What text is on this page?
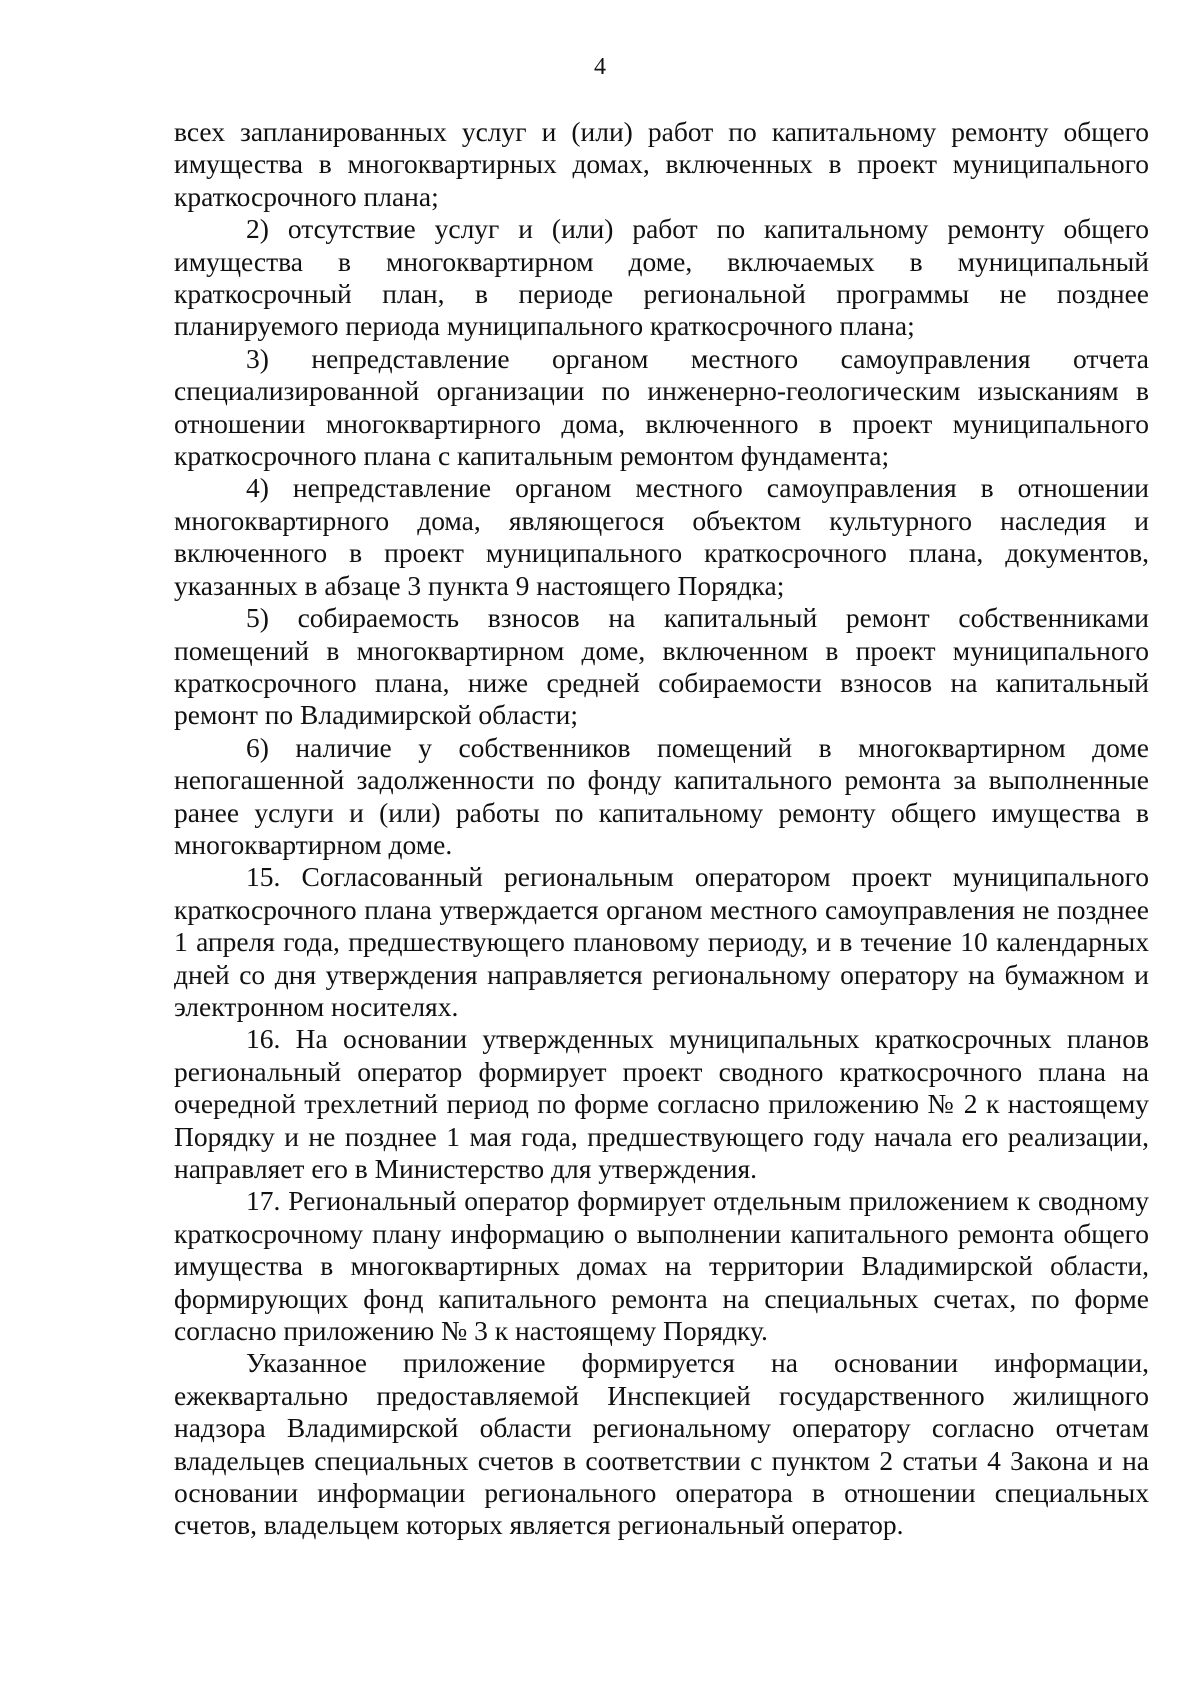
4

всех запланированных услуг и (или) работ по капитальному ремонту общего имущества в многоквартирных домах, включенных в проект муниципального краткосрочного плана;

2) отсутствие услуг и (или) работ по капитальному ремонту общего имущества в многоквартирном доме, включаемых в муниципальный краткосрочный план, в периоде региональной программы не позднее планируемого периода муниципального краткосрочного плана;

3) непредставление органом местного самоуправления отчета специализированной организации по инженерно-геологическим изысканиям в отношении многоквартирного дома, включенного в проект муниципального краткосрочного плана с капитальным ремонтом фундамента;

4) непредставление органом местного самоуправления в отношении многоквартирного дома, являющегося объектом культурного наследия и включенного в проект муниципального краткосрочного плана, документов, указанных в абзаце 3 пункта 9 настоящего Порядка;

5) собираемость взносов на капитальный ремонт собственниками помещений в многоквартирном доме, включенном в проект муниципального краткосрочного плана, ниже средней собираемости взносов на капитальный ремонт по Владимирской области;

6) наличие у собственников помещений в многоквартирном доме непогашенной задолженности по фонду капитального ремонта за выполненные ранее услуги и (или) работы по капитальному ремонту общего имущества в многоквартирном доме.

15. Согласованный региональным оператором проект муниципального краткосрочного плана утверждается органом местного самоуправления не позднее 1 апреля года, предшествующего плановому периоду, и в течение 10 календарных дней со дня утверждения направляется региональному оператору на бумажном и электронном носителях.

16. На основании утвержденных муниципальных краткосрочных планов региональный оператор формирует проект сводного краткосрочного плана на очередной трехлетний период по форме согласно приложению № 2 к настоящему Порядку и не позднее 1 мая года, предшествующего году начала его реализации, направляет его в Министерство для утверждения.

17. Региональный оператор формирует отдельным приложением к сводному краткосрочному плану информацию о выполнении капитального ремонта общего имущества в многоквартирных домах на территории Владимирской области, формирующих фонд капитального ремонта на специальных счетах, по форме согласно приложению № 3 к настоящему Порядку.

Указанное приложение формируется на основании информации, ежеквартально предоставляемой Инспекцией государственного жилищного надзора Владимирской области региональному оператору согласно отчетам владельцев специальных счетов в соответствии с пунктом 2 статьи 4 Закона и на основании информации регионального оператора в отношении специальных счетов, владельцем которых является региональный оператор.
